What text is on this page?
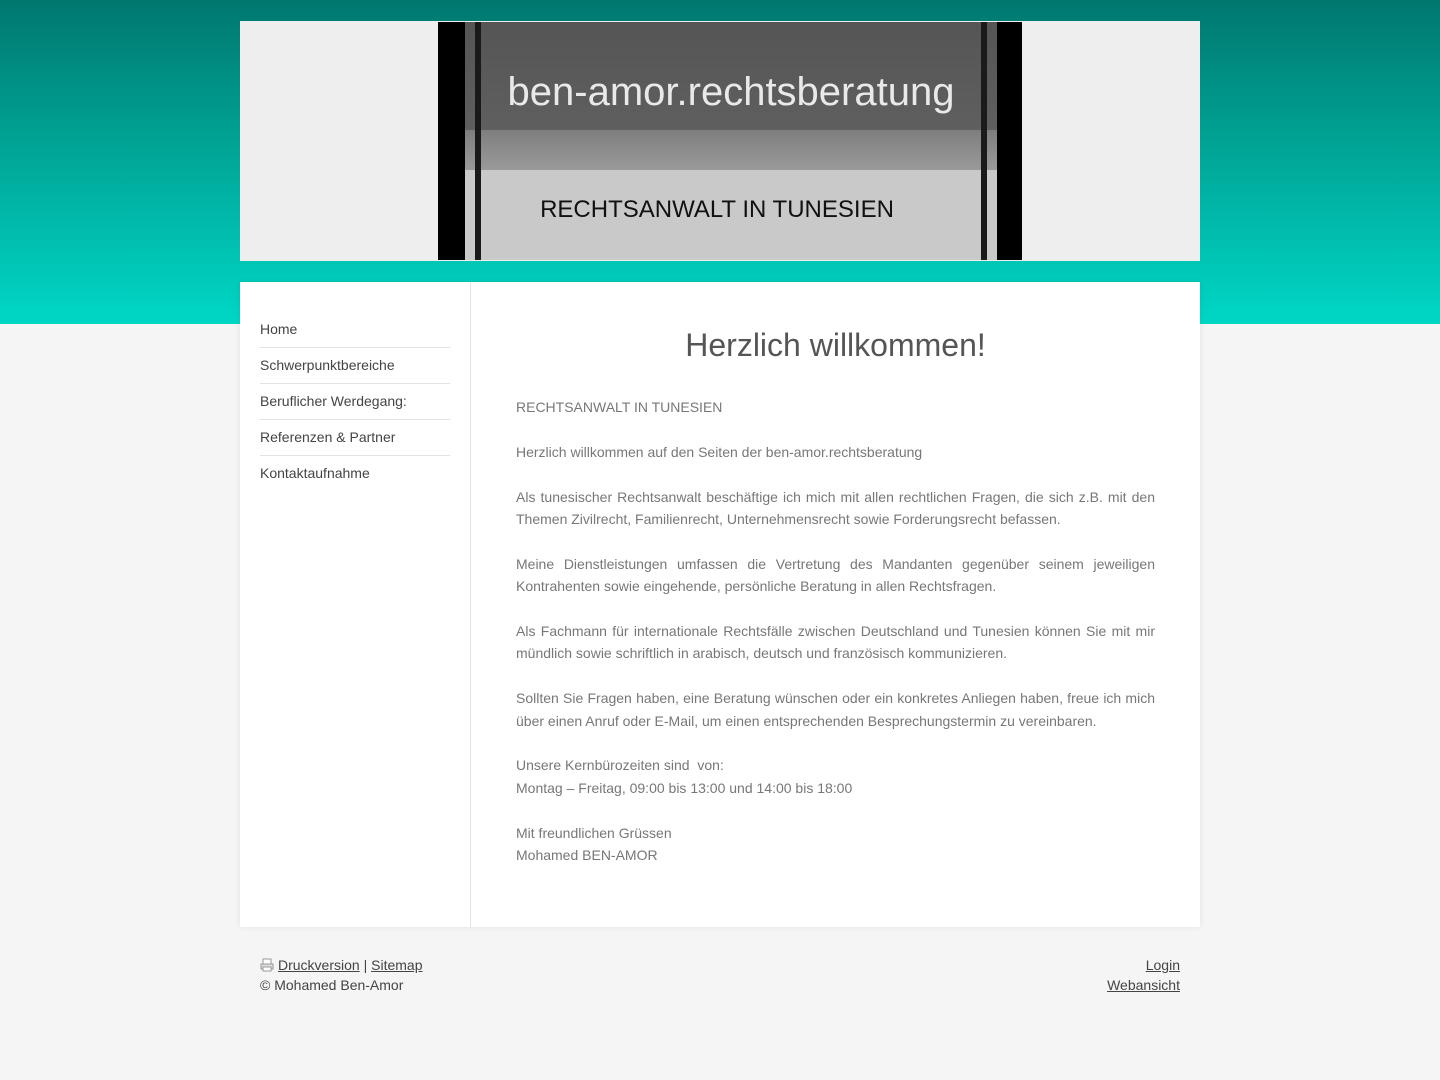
ben-amor.rechtsberatung
RECHTSANWALT IN TUNESIEN
Home
Schwerpunktbereiche
Beruflicher Werdegang:
Referenzen & Partner
Kontaktaufnahme
Herzlich willkommen!

RECHTSANWALT IN TUNESIEN

Herzlich willkommen auf den Seiten der ben-amor.rechtsberatung

Als tunesischer Rechtsanwalt beschäftige ich mich mit allen rechtlichen Fragen, die sich z.B. mit den Themen Zivilrecht, Familienrecht, Unternehmensrecht sowie Forderungsrecht befassen.

Meine Dienstleistungen umfassen die Vertretung des Mandanten gegenüber seinem jeweiligen Kontrahenten sowie eingehende, persönliche Beratung in allen Rechtsfragen.

Als Fachmann für internationale Rechtsfälle zwischen Deutschland und Tunesien können Sie mit mir mündlich sowie schriftlich in arabisch, deutsch und französisch kommunizieren.

Sollten Sie Fragen haben, eine Beratung wünschen oder ein konkretes Anliegen haben, freue ich mich über einen Anruf oder E-Mail, um einen entsprechenden Besprechungstermin zu vereinbaren.

Unsere Kernbürozeiten sind  von:

Montag – Freitag, 09:00 bis 13:00 und 14:00 bis 18:00

Mit freundlichen Grüssen

Mohamed BEN-AMOR

Druckversion | Sitemap
© Mohamed Ben-Amor
Login
Webansicht
